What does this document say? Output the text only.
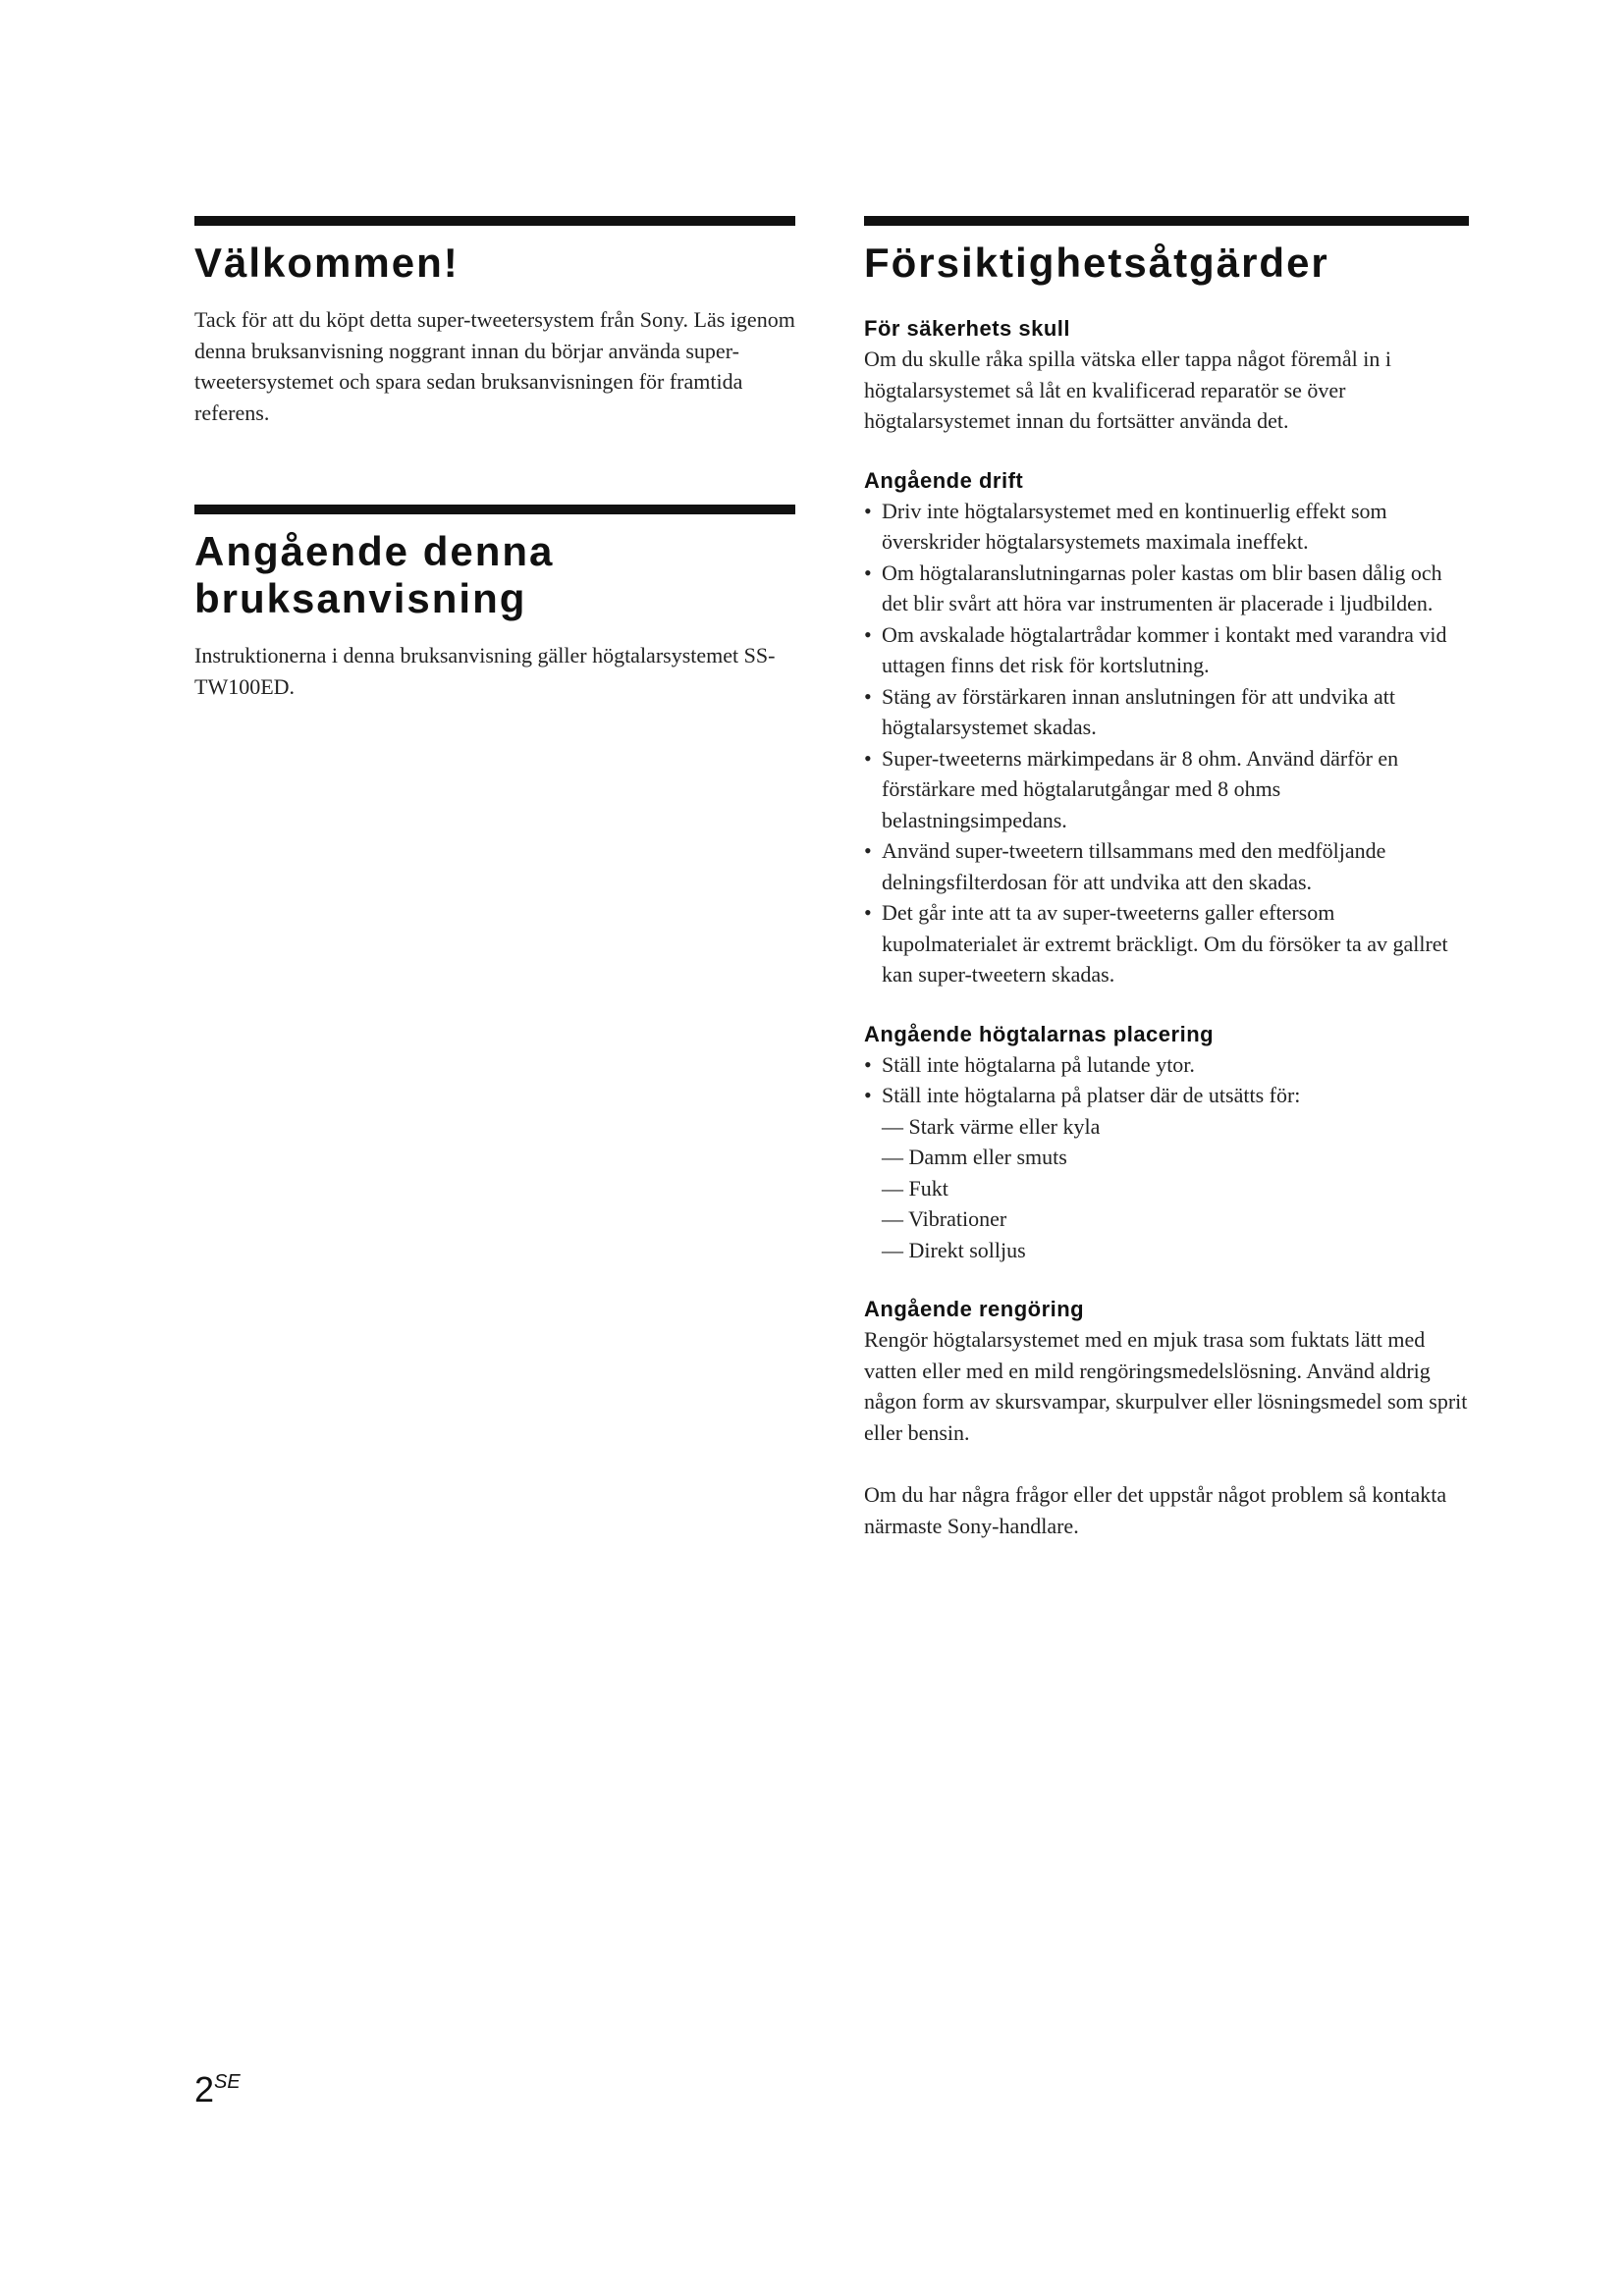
Välkommen!

Tack för att du köpt detta super-tweetersystem från Sony. Läs igenom denna bruksanvisning noggrant innan du börjar använda super-tweetersystemet och spara sedan bruksanvisningen för framtida referens.

Angående denna
bruksanvisning

Instruktionerna i denna bruksanvisning gäller högtalarsystemet SS-TW100ED.

Försiktighetsåtgärder
För säkerhets skull

Om du skulle råka spilla vätska eller tappa något föremål in i högtalarsystemet så låt en kvalificerad reparatör se över högtalarsystemet innan du fortsätter använda det.

Angående drift
• Driv inte högtalarsystemet med en kontinuerlig effekt som överskrider högtalarsystemets maximala ineffekt.
• Om högtalaranslutningarnas poler kastas om blir basen dålig och det blir svårt att höra var instrumenten är placerade i ljudbilden.
• Om avskalade högtalartrådar kommer i kontakt med varandra vid uttagen finns det risk för kortslutning.
• Stäng av förstärkaren innan anslutningen för att undvika att högtalarsystemet skadas.
• Super-tweeterns märkimpedans är 8 ohm. Använd därför en förstärkare med högtalarutgångar med 8 ohms belastningsimpedans.
• Använd super-tweetern tillsammans med den medföljande delningsfilterdosan för att undvika att den skadas.
• Det går inte att ta av super-tweeterns galler eftersom kupolmaterialet är extremt bräckligt. Om du försöker ta av gallret kan super-tweetern skadas.
Angående högtalarnas placering
• Ställ inte högtalarna på lutande ytor.
• Ställ inte högtalarna på platser där de utsätts för:
— Stark värme eller kyla
— Damm eller smuts
— Fukt
— Vibrationer
— Direkt solljus
Angående rengöring

Rengör högtalarsystemet med en mjuk trasa som fuktats lätt med vatten eller med en mild rengöringsmedelslösning. Använd aldrig någon form av skursvampar, skurpulver eller lösningsmedel som sprit eller bensin.

Om du har några frågor eller det uppstår något problem så kontakta närmaste Sony-handlare.

$2^{SE}$
